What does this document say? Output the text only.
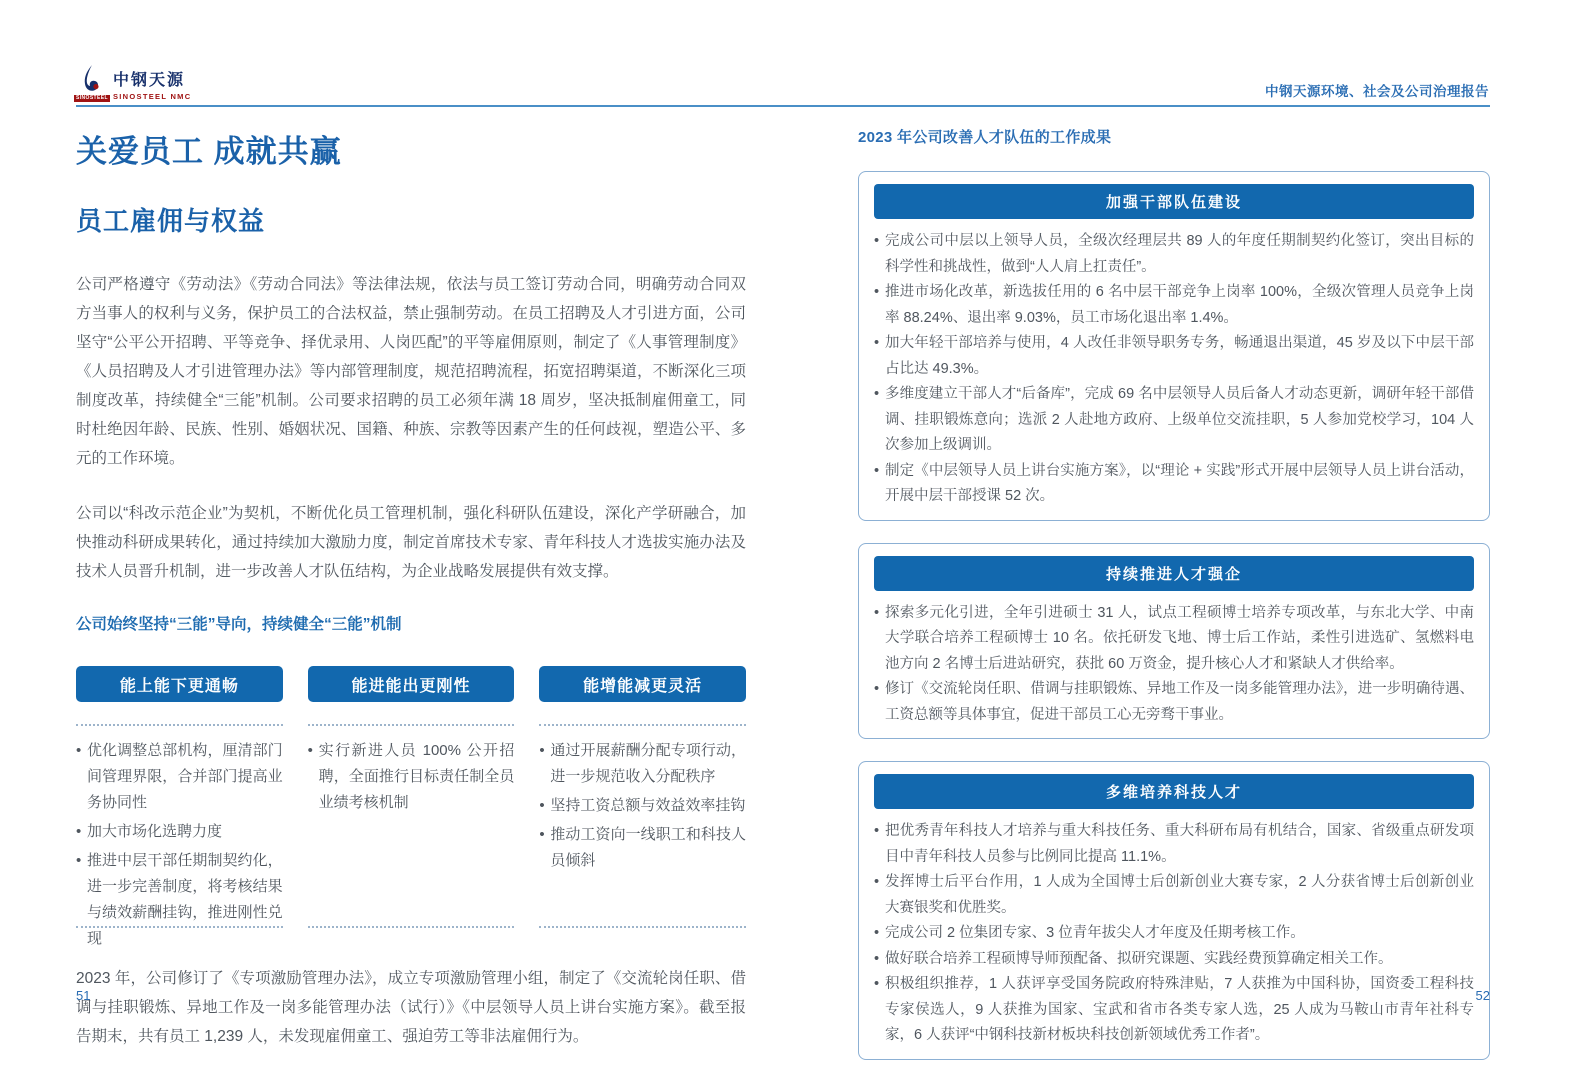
SINOSTEEL
中钢天源
SINOSTEEL NMC	中钢天源环境、社会及公司治理报告
关爱员工 成就共赢
员工雇佣与权益

公司严格遵守《劳动法》《劳动合同法》等法律法规，依法与员工签订劳动合同，明确劳动合同双方当事人的权利与义务，保护员工的合法权益，禁止强制劳动。在员工招聘及人才引进方面，公司坚守“公平公开招聘、平等竞争、择优录用、人岗匹配”的平等雇佣原则，制定了《人事管理制度》《人员招聘及人才引进管理办法》等内部管理制度，规范招聘流程，拓宽招聘渠道，不断深化三项制度改革，持续健全“三能”机制。公司要求招聘的员工必须年满 18 周岁，坚决抵制雇佣童工，同时杜绝因年龄、民族、性别、婚姻状况、国籍、种族、宗教等因素产生的任何歧视，塑造公平、多元的工作环境。

公司以“科改示范企业”为契机，不断优化员工管理机制，强化科研队伍建设，深化产学研融合，加快推动科研成果转化，通过持续加大激励力度，制定首席技术专家、青年科技人才选拔实施办法及技术人员晋升机制，进一步改善人才队伍结构，为企业战略发展提供有效支撑。

公司始终坚持“三能”导向，持续健全“三能”机制

能上能下更通畅
• 优化调整总部机构，厘清部门间管理界限，合并部门提高业务协同性
• 加大市场化选聘力度
• 推进中层干部任期制契约化，进一步完善制度，将考核结果与绩效薪酬挂钩，推进刚性兑现
能进能出更刚性
• 实行新进人员 100% 公开招聘，全面推行目标责任制全员业绩考核机制
能增能减更灵活
• 通过开展薪酬分配专项行动，进一步规范收入分配秩序
• 坚持工资总额与效益效率挂钩
• 推动工资向一线职工和科技人员倾斜

2023 年，公司修订了《专项激励管理办法》，成立专项激励管理小组，制定了《交流轮岗任职、借调与挂职锻炼、异地工作及一岗多能管理办法（试行）》《中层领导人员上讲台实施方案》。截至报告期末，共有员工 1,239 人，未发现雇佣童工、强迫劳工等非法雇佣行为。

2023 年公司改善人才队伍的工作成果
加强干部队伍建设
• 完成公司中层以上领导人员，全级次经理层共 89 人的年度任期制契约化签订，突出目标的科学性和挑战性，做到“人人肩上扛责任”。
• 推进市场化改革，新选拔任用的 6 名中层干部竞争上岗率 100%，全级次管理人员竞争上岗率 88.24%、退出率 9.03%，员工市场化退出率 1.4%。
• 加大年轻干部培养与使用，4 人改任非领导职务专务，畅通退出渠道，45 岁及以下中层干部占比达 49.3%。
• 多维度建立干部人才“后备库”，完成 69 名中层领导人员后备人才动态更新，调研年轻干部借调、挂职锻炼意向；选派 2 人赴地方政府、上级单位交流挂职，5 人参加党校学习，104 人次参加上级调训。
• 制定《中层领导人员上讲台实施方案》，以“理论 + 实践”形式开展中层领导人员上讲台活动，开展中层干部授课 52 次。
持续推进人才强企
• 探索多元化引进，全年引进硕士 31 人，试点工程硕博士培养专项改革，与东北大学、中南大学联合培养工程硕博士 10 名。依托研发飞地、博士后工作站，柔性引进选矿、氢燃料电池方向 2 名博士后进站研究，获批 60 万资金，提升核心人才和紧缺人才供给率。
• 修订《交流轮岗任职、借调与挂职锻炼、异地工作及一岗多能管理办法》，进一步明确待遇、工资总额等具体事宜，促进干部员工心无旁骛干事业。
多维培养科技人才
• 把优秀青年科技人才培养与重大科技任务、重大科研布局有机结合，国家、省级重点研发项目中青年科技人员参与比例同比提高 11.1%。
• 发挥博士后平台作用，1 人成为全国博士后创新创业大赛专家，2 人分获省博士后创新创业大赛银奖和优胜奖。
• 完成公司 2 位集团专家、3 位青年拔尖人才年度及任期考核工作。
• 做好联合培养工程硕博导师预配备、拟研究课题、实践经费预算确定相关工作。
• 积极组织推荐，1 人获评享受国务院政府特殊津贴，7 人获推为中国科协，国资委工程科技专家侯选人，9 人获推为国家、宝武和省市各类专家人选，25 人成为马鞍山市青年社科专家，6 人获评“中钢科技新材板块科技创新领域优秀工作者”。
51	52
